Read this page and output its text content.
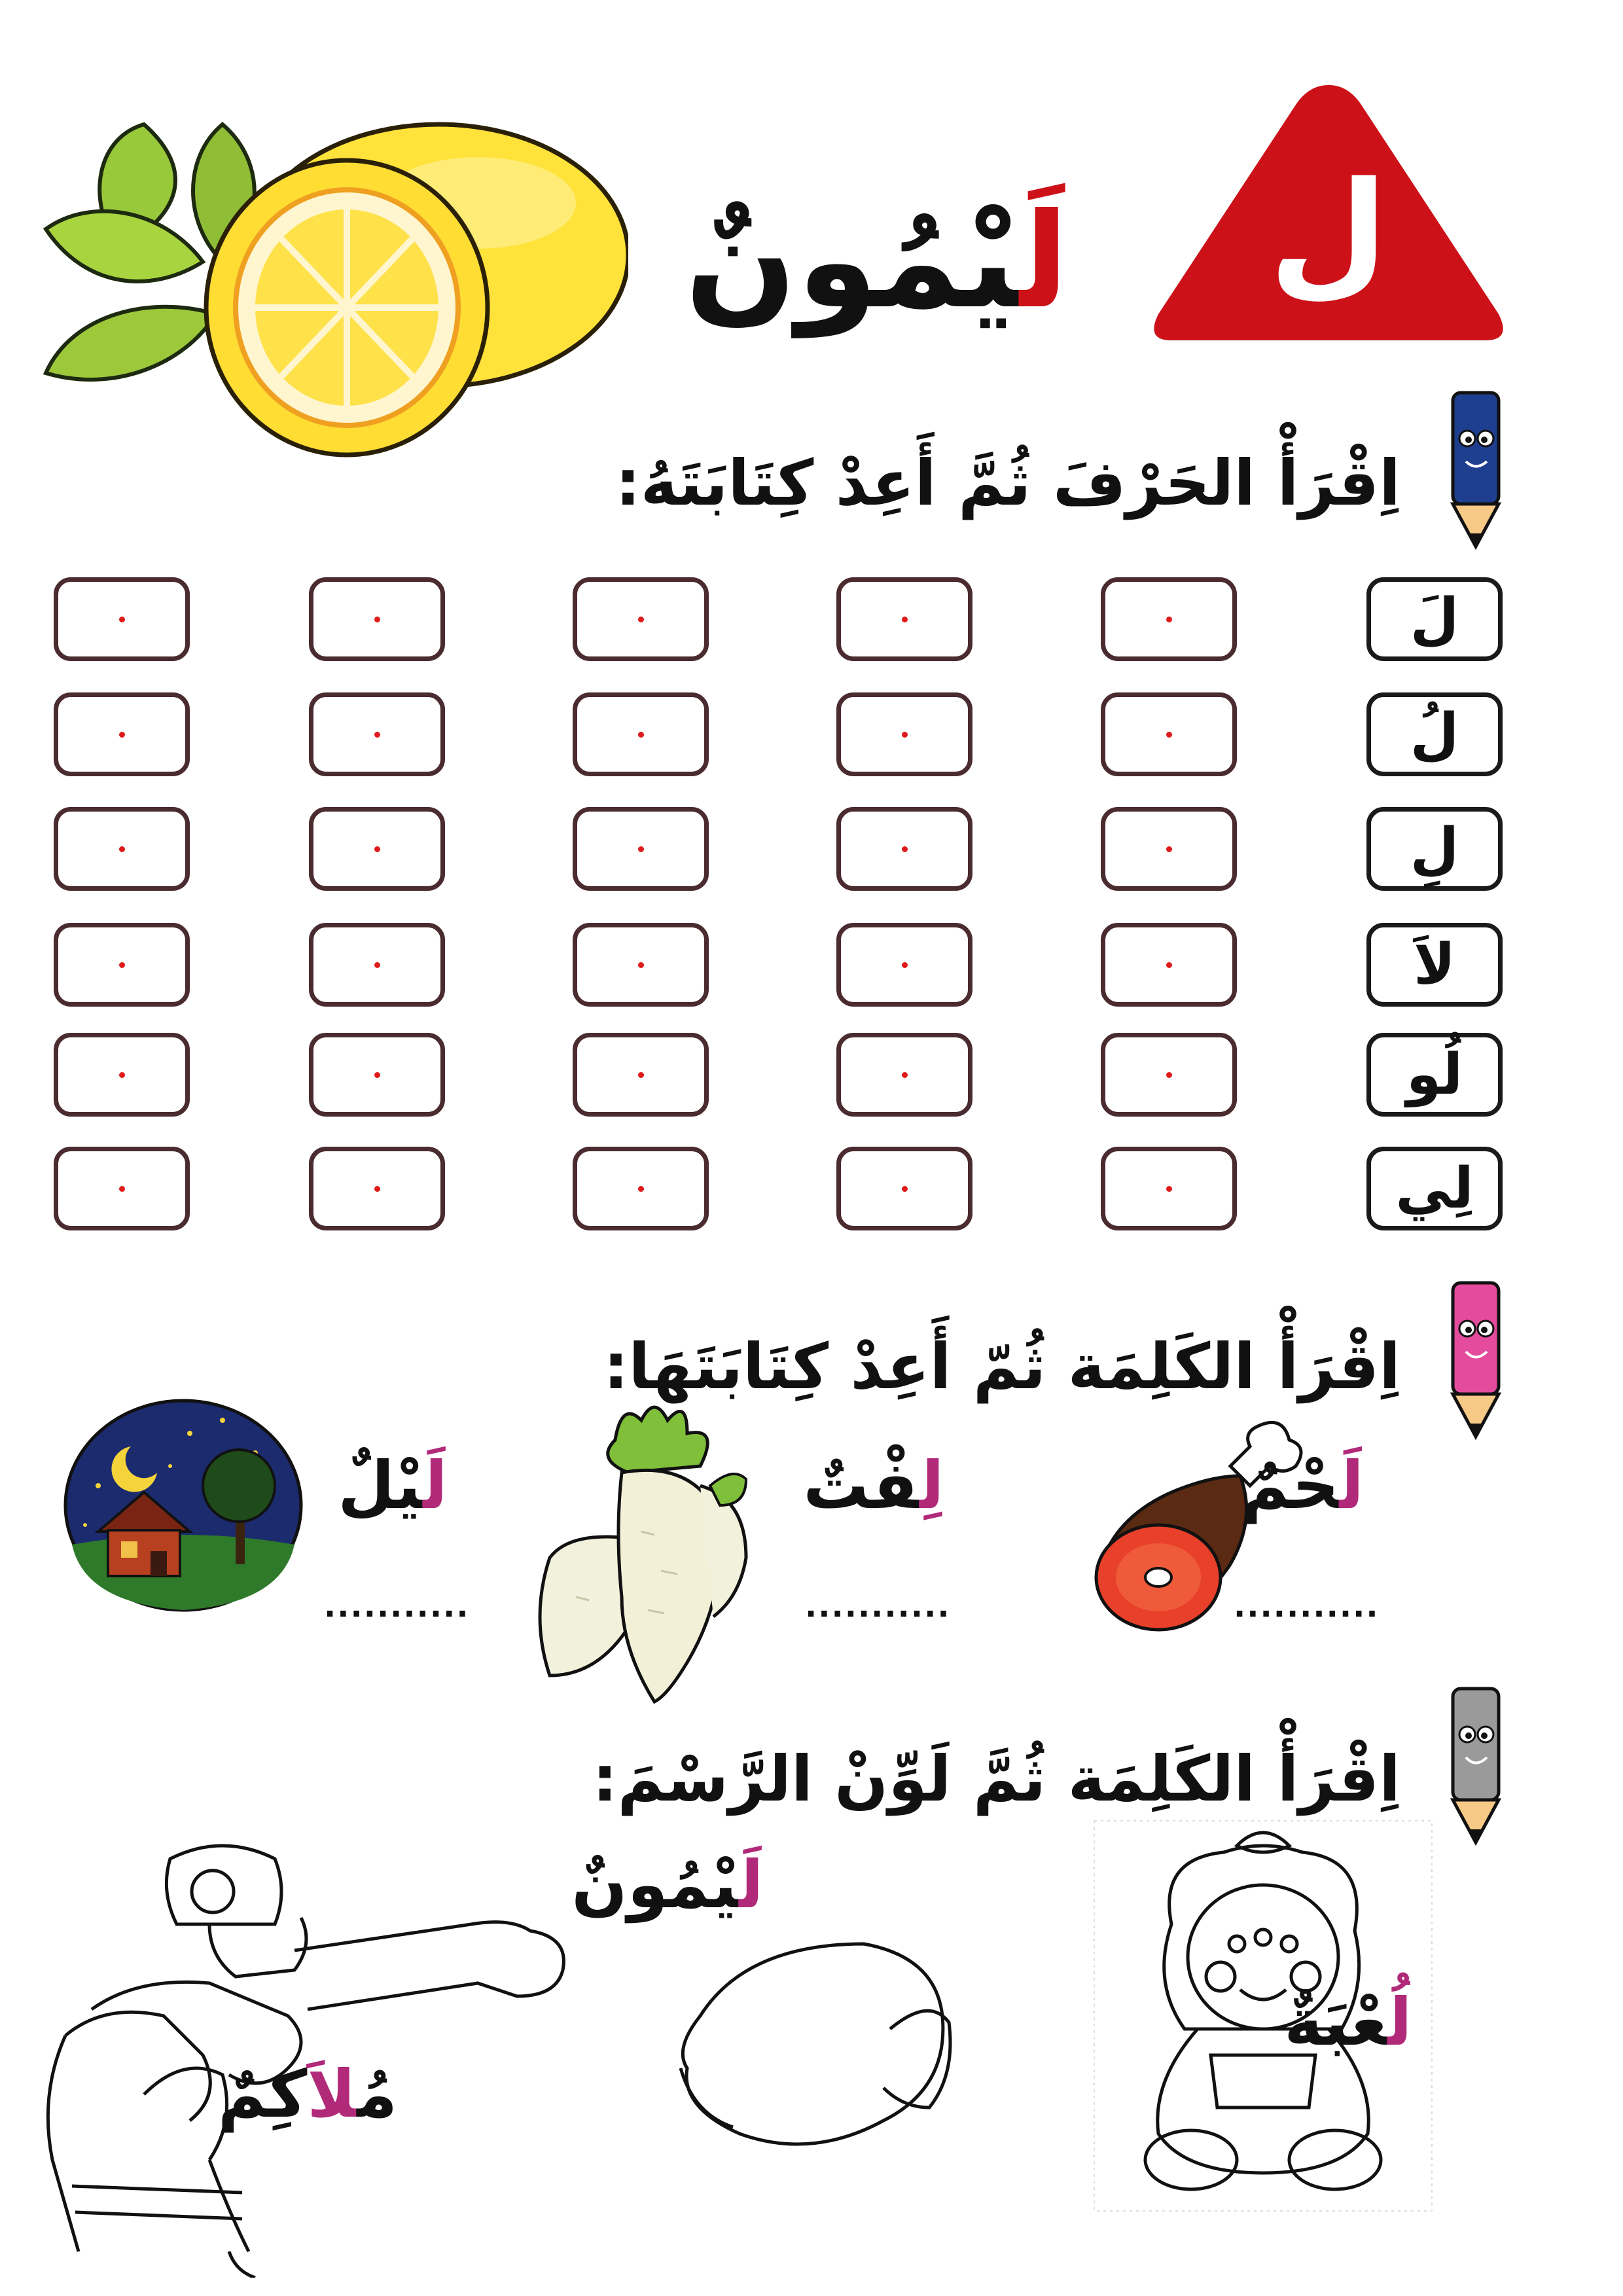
ل
لَيْمُونٌ
اِقْرَأْ الحَرْفَ ثُمَّ أَعِدْ كِتَابَتَهُ:
لَ
لُ
لِ
لاَ
لُو
لِي
اِقْرَأْ الكَلِمَة ثُمّ أَعِدْ كِتَابَتَهَا:
لَحْمٌ
...........
لِفْتٌ
...........
لَيْلٌ
...........
اِقْرَأْ الكَلِمَة ثُمَّ لَوِّنْ الرَّسْمَ:
لُعْبَةٌ
لَيْمُونٌ
مُلاَكِمٌ
